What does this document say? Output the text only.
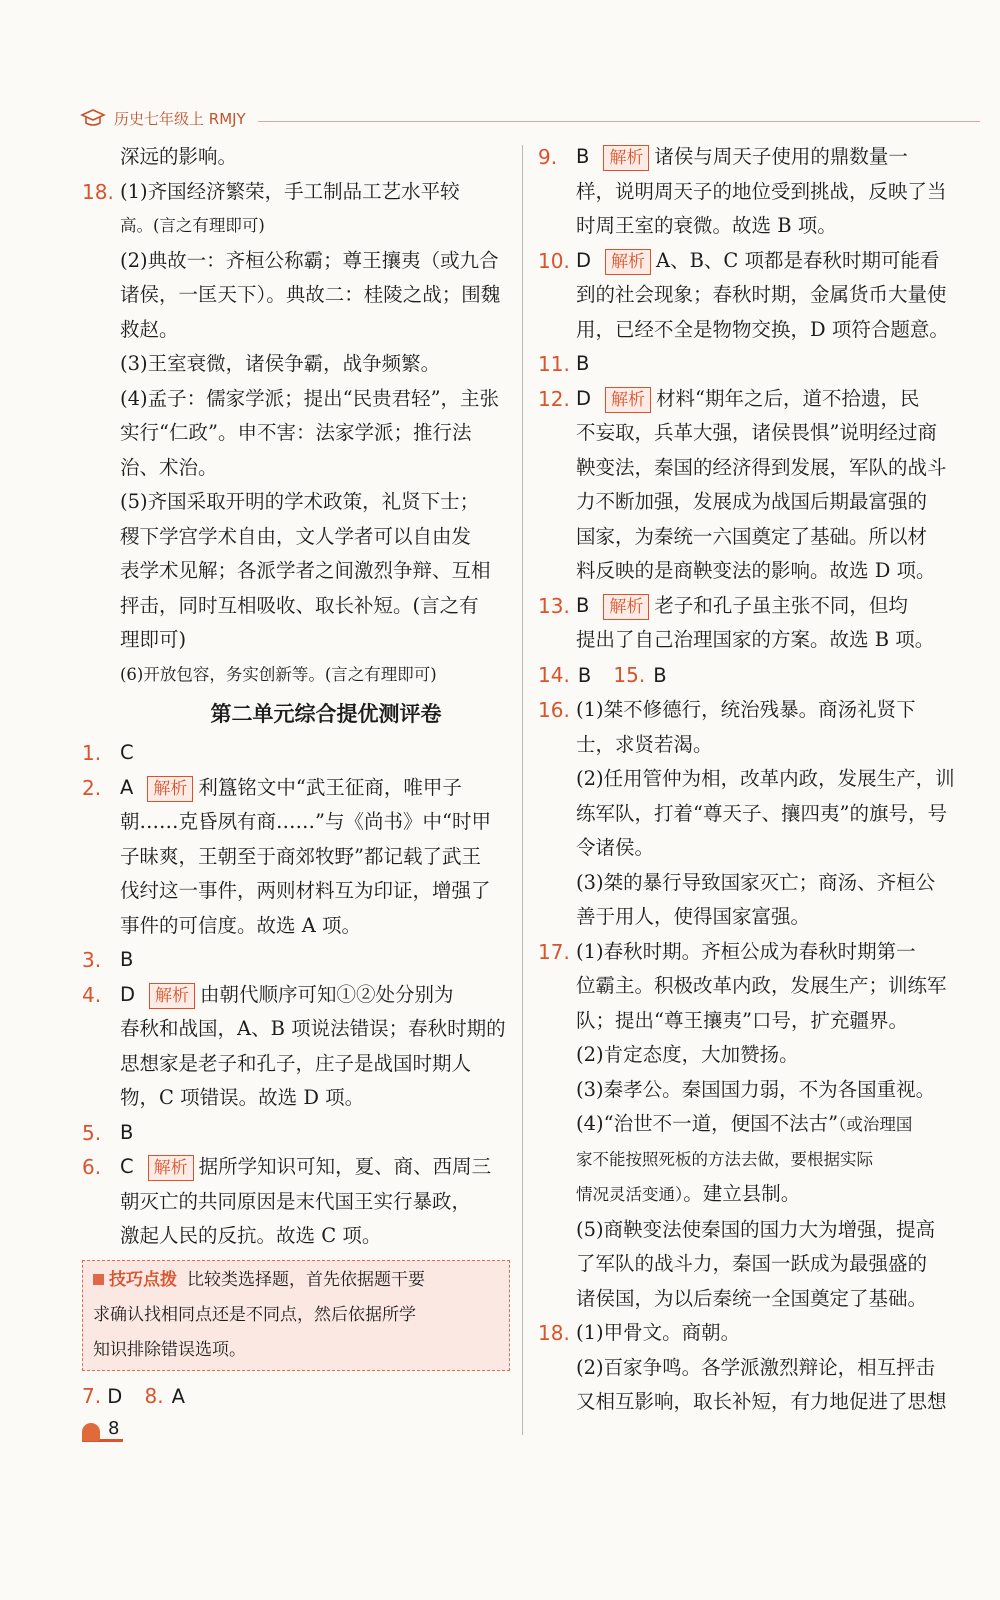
历史七年级上 RMJY
深远的影响。
18. (1)齐国经济繁荣，手工制品工艺水平较
高。(言之有理即可)
(2)典故一：齐桓公称霸；尊王攘夷（或九合
诸侯，一匡天下）。典故二：桂陵之战；围魏
救赵。
(3)王室衰微，诸侯争霸，战争频繁。
(4)孟子：儒家学派；提出“民贵君轻”，主张
实行“仁政”。申不害：法家学派；推行法
治、术治。
(5)齐国采取开明的学术政策，礼贤下士；
稷下学宫学术自由，文人学者可以自由发
表学术见解；各派学者之间激烈争辩、互相
抨击，同时互相吸收、取长补短。(言之有
理即可)
(6)开放包容，务实创新等。(言之有理即可)
第二单元综合提优测评卷
1. C
2. A 解析 利簋铭文中“武王征商，唯甲子
朝……克昏夙有商……”与《尚书》中“时甲
子昧爽，王朝至于商郊牧野”都记载了武王
伐纣这一事件，两则材料互为印证，增强了
事件的可信度。故选 A 项。
3. B
4. D 解析 由朝代顺序可知①②处分别为
春秋和战国，A、B 项说法错误；春秋时期的
思想家是老子和孔子，庄子是战国时期人
物，C 项错误。故选 D 项。
5. B
6. C 解析 据所学知识可知，夏、商、西周三
朝灭亡的共同原因是末代国王实行暴政，
激起人民的反抗。故选 C 项。
技巧点拨 比较类选择题，首先依据题干要
求确认找相同点还是不同点，然后依据所学
知识排除错误选项。
7. D 8. A
9. B 解析 诸侯与周天子使用的鼎数量一
样，说明周天子的地位受到挑战，反映了当
时周王室的衰微。故选 B 项。
10. D 解析 A、B、C 项都是春秋时期可能看
到的社会现象；春秋时期，金属货币大量使
用，已经不全是物物交换，D 项符合题意。
11. B
12. D 解析 材料“期年之后，道不拾遗，民
不妄取，兵革大强，诸侯畏惧”说明经过商
鞅变法，秦国的经济得到发展，军队的战斗
力不断加强，发展成为战国后期最富强的
国家，为秦统一六国奠定了基础。所以材
料反映的是商鞅变法的影响。故选 D 项。
13. B 解析 老子和孔子虽主张不同，但均
提出了自己治理国家的方案。故选 B 项。
14. B 15. B
16. (1)桀不修德行，统治残暴。商汤礼贤下
士，求贤若渴。
(2)任用管仲为相，改革内政，发展生产，训
练军队，打着“尊天子、攘四夷”的旗号，号
令诸侯。
(3)桀的暴行导致国家灭亡；商汤、齐桓公
善于用人，使得国家富强。
17. (1)春秋时期。齐桓公成为春秋时期第一
位霸主。积极改革内政，发展生产；训练军
队；提出“尊王攘夷”口号，扩充疆界。
(2)肯定态度，大加赞扬。
(3)秦孝公。秦国国力弱，不为各国重视。
(4)“治世不一道，便国不法古”（或治理国
家不能按照死板的方法去做，要根据实际
情况灵活变通）。建立县制。
(5)商鞅变法使秦国的国力大为增强，提高
了军队的战斗力，秦国一跃成为最强盛的
诸侯国，为以后秦统一全国奠定了基础。
18. (1)甲骨文。商朝。
(2)百家争鸣。各学派激烈辩论，相互抨击
又相互影响，取长补短，有力地促进了思想
8
